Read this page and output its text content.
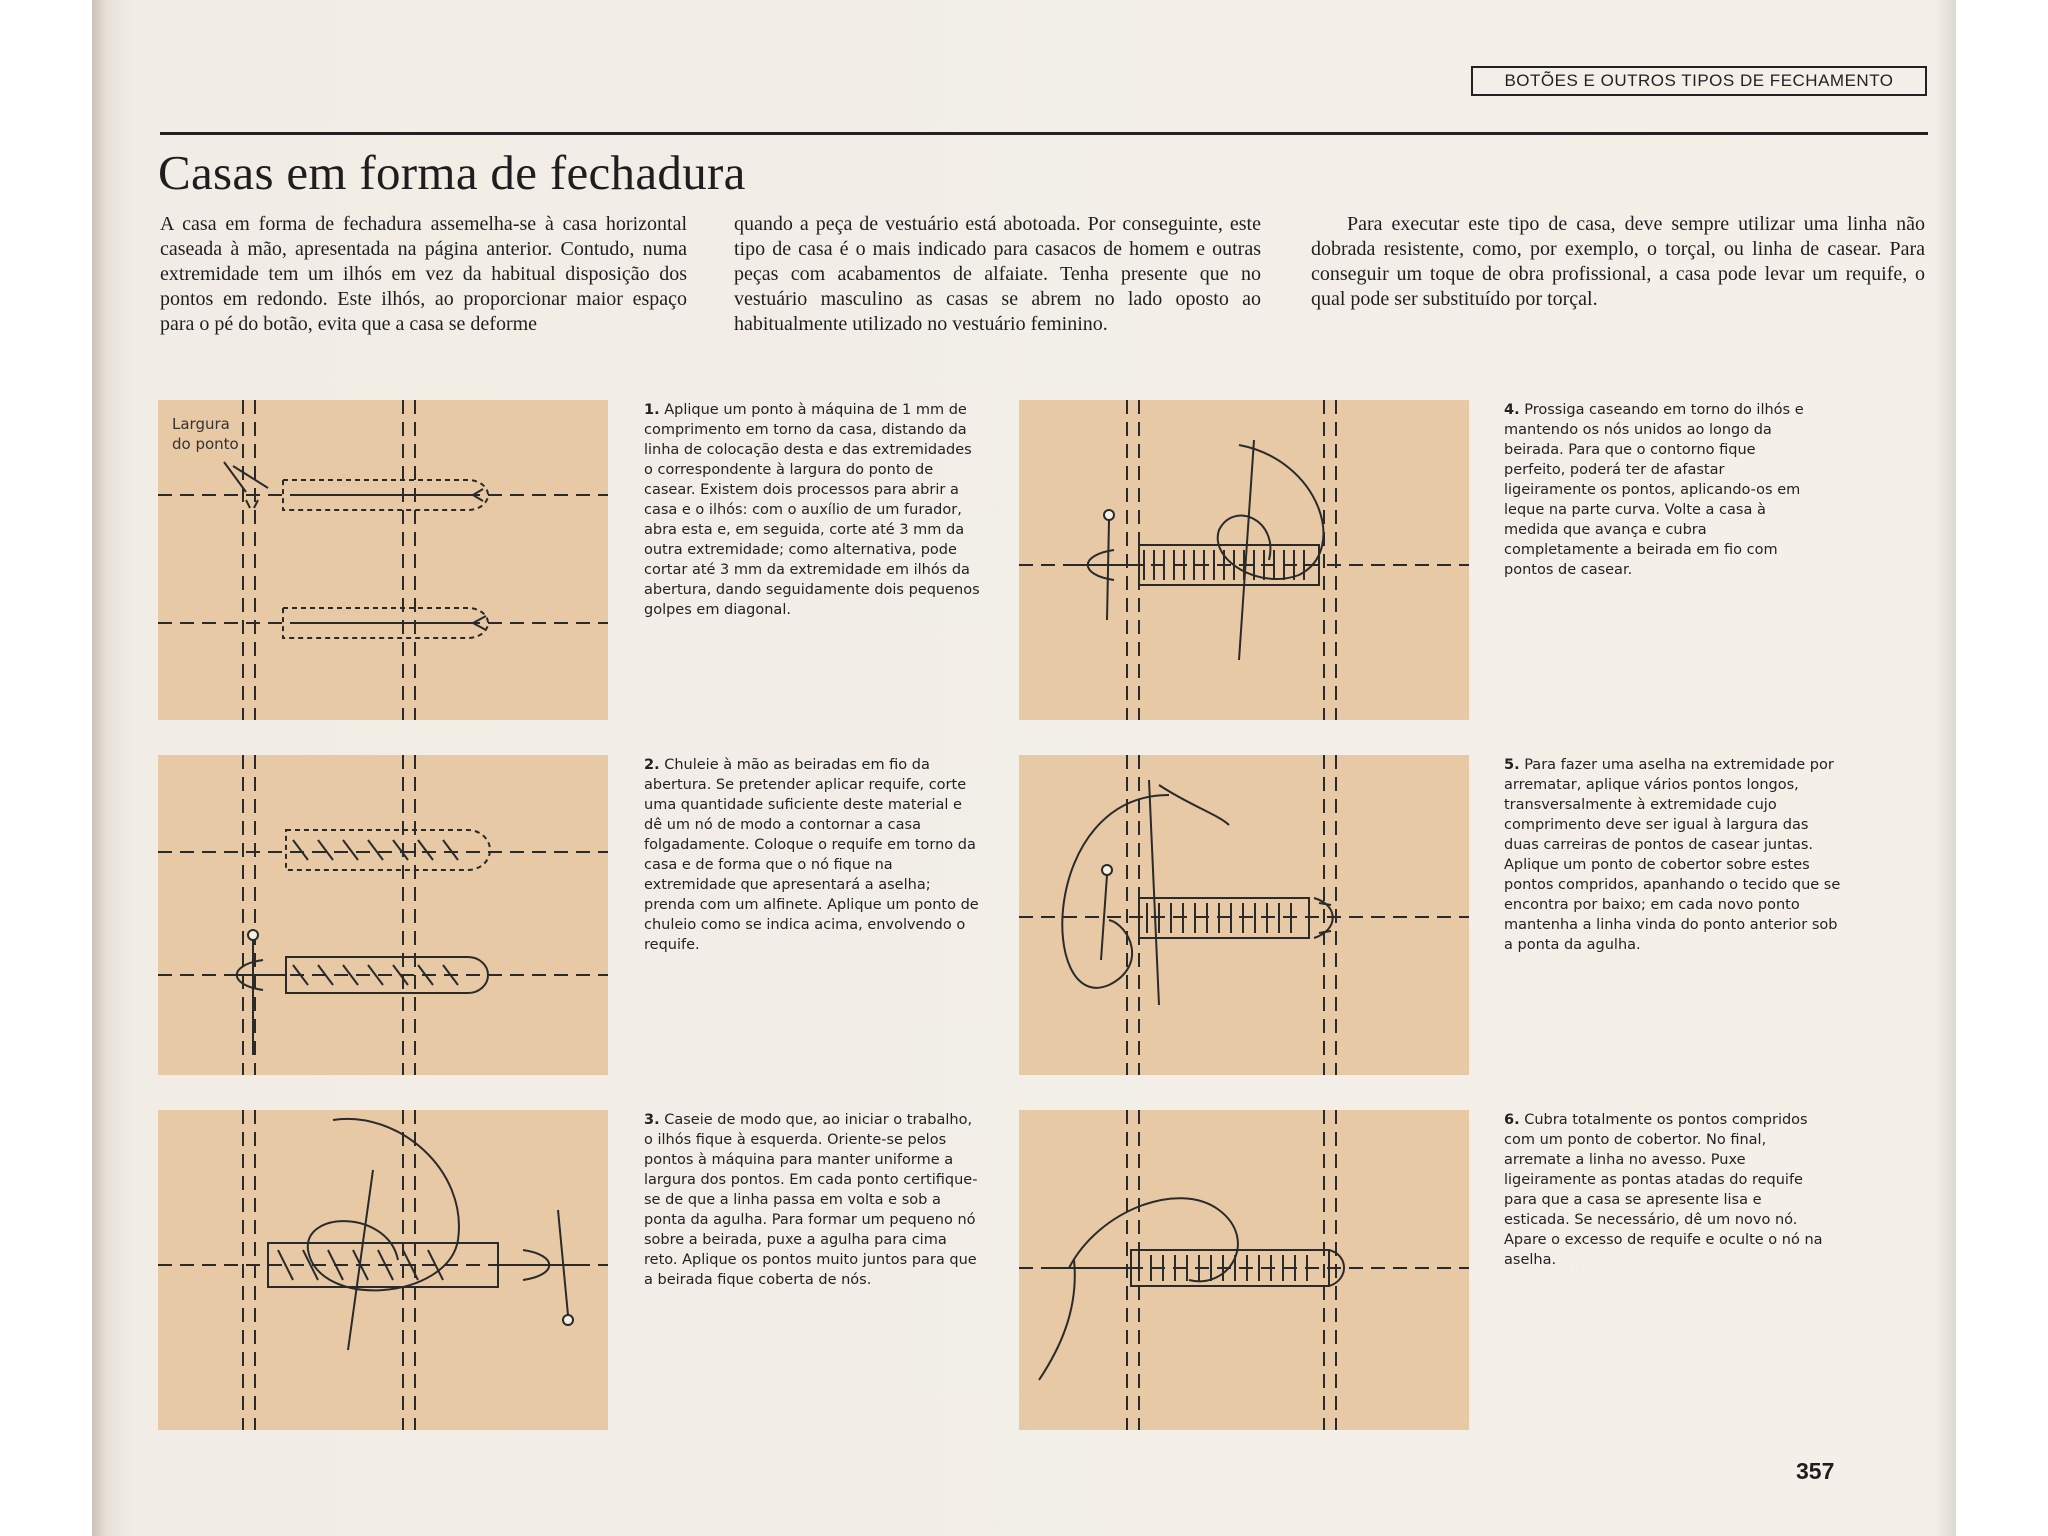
BOTÕES E OUTROS TIPOS DE FECHAMENTO
Casas em forma de fechadura

A casa em forma de fechadura assemelha-se à casa horizontal caseada à mão, apresentada na página anterior. Contudo, numa extremidade tem um ilhós em vez da habitual disposição dos pontos em redondo. Este ilhós, ao proporcionar maior espaço para o pé do botão, evita que a casa se deforme

quando a peça de vestuário está abotoada. Por conseguinte, este tipo de casa é o mais indicado para casacos de homem e outras peças com acabamentos de alfaiate. Tenha presente que no vestuário masculino as casas se abrem no lado oposto ao habitualmente utilizado no vestuário feminino.

Para executar este tipo de casa, deve sempre utilizar uma linha não dobrada resistente, como, por exemplo, o torçal, ou linha de casear. Para conseguir um toque de obra profissional, a casa pode levar um requife, o qual pode ser substituído por torçal.

Largura
do ponto

1. Aplique um ponto à máquina de 1 mm de comprimento em torno da casa, distando da linha de colocação desta e das extremidades o correspondente à largura do ponto de casear. Existem dois processos para abrir a casa e o ilhós: com o auxílio de um furador, abra esta e, em seguida, corte até 3 mm da outra extremidade; como alternativa, pode cortar até 3 mm da extremidade em ilhós da abertura, dando seguidamente dois pequenos golpes em diagonal.

2. Chuleie à mão as beiradas em fio da abertura. Se pretender aplicar requife, corte uma quantidade suficiente deste material e dê um nó de modo a contornar a casa folgadamente. Coloque o requife em torno da casa e de forma que o nó fique na extremidade que apresentará a aselha; prenda com um alfinete. Aplique um ponto de chuleio como se indica acima, envolvendo o requife.

3. Caseie de modo que, ao iniciar o trabalho, o ilhós fique à esquerda. Oriente-se pelos pontos à máquina para manter uniforme a largura dos pontos. Em cada ponto certifique-se de que a linha passa em volta e sob a ponta da agulha. Para formar um pequeno nó sobre a beirada, puxe a agulha para cima reto. Aplique os pontos muito juntos para que a beirada fique coberta de nós.

4. Prossiga caseando em torno do ilhós e mantendo os nós unidos ao longo da beirada. Para que o contorno fique perfeito, poderá ter de afastar ligeiramente os pontos, aplicando-os em leque na parte curva. Volte a casa à medida que avança e cubra completamente a beirada em fio com pontos de casear.

5. Para fazer uma aselha na extremidade por arrematar, aplique vários pontos longos, transversalmente à extremidade cujo comprimento deve ser igual à largura das duas carreiras de pontos de casear juntas. Aplique um ponto de cobertor sobre estes pontos compridos, apanhando o tecido que se encontra por baixo; em cada novo ponto mantenha a linha vinda do ponto anterior sob a ponta da agulha.

6. Cubra totalmente os pontos compridos com um ponto de cobertor. No final, arremate a linha no avesso. Puxe ligeiramente as pontas atadas do requife para que a casa se apresente lisa e esticada. Se necessário, dê um novo nó. Apare o excesso de requife e oculte o nó na aselha.

357
